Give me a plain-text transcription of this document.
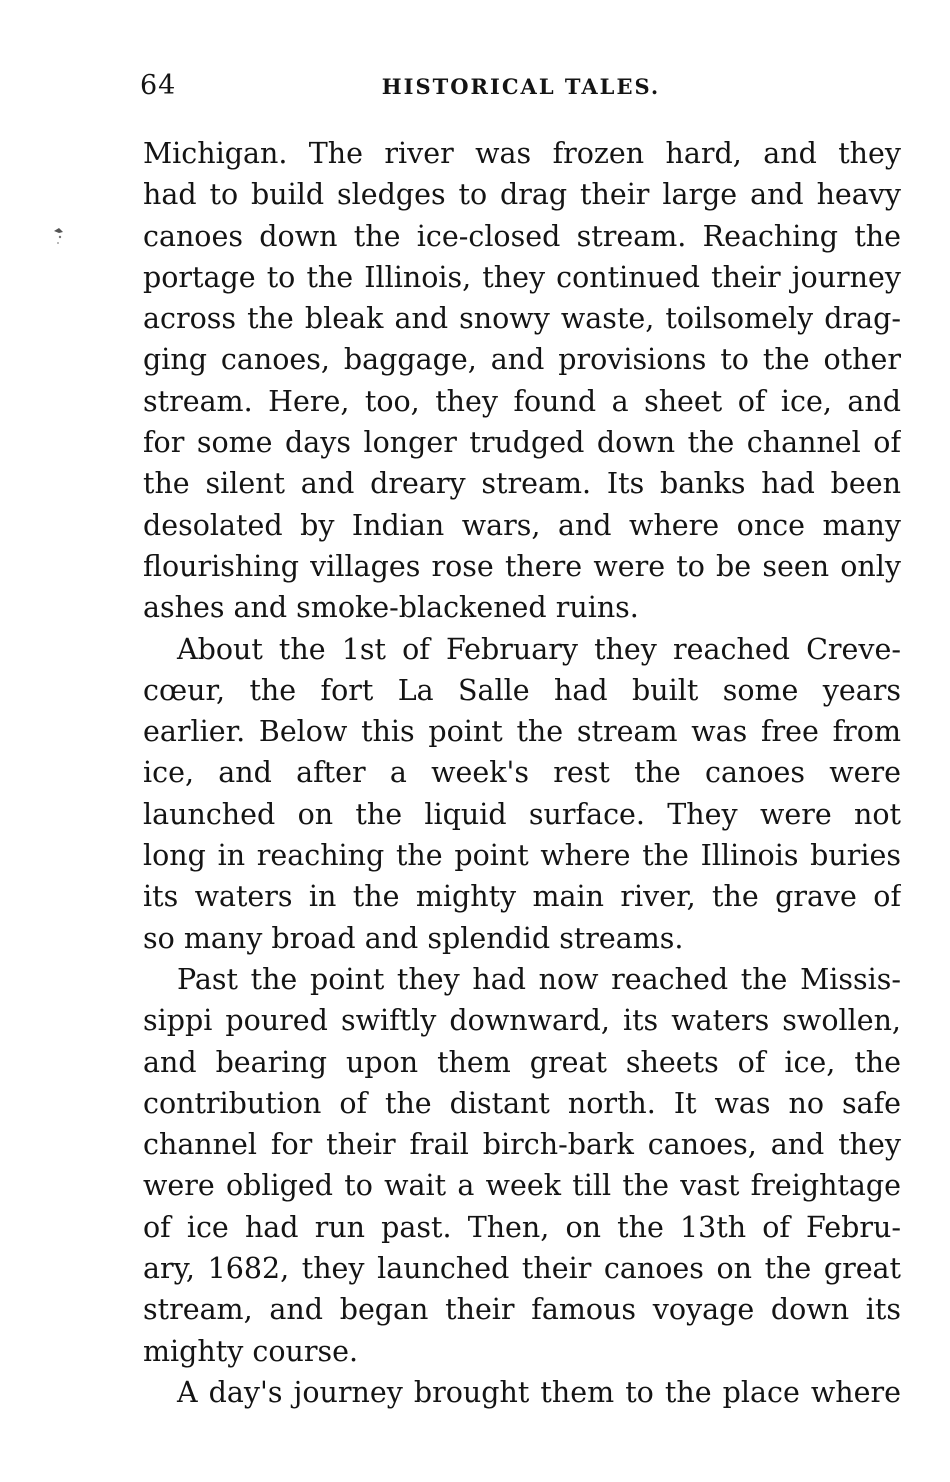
64	HISTORICAL TALES.
Michigan. The river was frozen hard, and they
had to build sledges to drag their large and heavy
canoes down the ice-closed stream. Reaching the
portage to the Illinois, they continued their journey
across the bleak and snowy waste, toilsomely drag-
ging canoes, baggage, and provisions to the other
stream. Here, too, they found a sheet of ice, and
for some days longer trudged down the channel of
the silent and dreary stream. Its banks had been
desolated by Indian wars, and where once many
flourishing villages rose there were to be seen only
ashes and smoke-blackened ruins.
About the 1st of February they reached Creve-
cœur, the fort La Salle had built some years
earlier. Below this point the stream was free from
ice, and after a week's rest the canoes were
launched on the liquid surface. They were not
long in reaching the point where the Illinois buries
its waters in the mighty main river, the grave of
so many broad and splendid streams.
Past the point they had now reached the Missis-
sippi poured swiftly downward, its waters swollen,
and bearing upon them great sheets of ice, the
contribution of the distant north. It was no safe
channel for their frail birch-bark canoes, and they
were obliged to wait a week till the vast freightage
of ice had run past. Then, on the 13th of Febru-
ary, 1682, they launched their canoes on the great
stream, and began their famous voyage down its
mighty course.
A day's journey brought them to the place where
